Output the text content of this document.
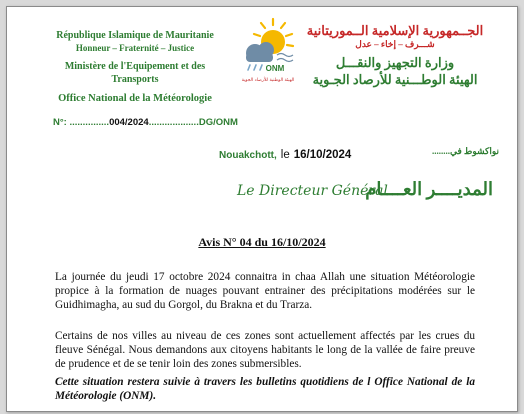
République Islamique de Mauritanie
Honneur – Fraternité – Justice
Ministère de l'Equipement et des Transports
Office National de la Météorologie
ONM
الهيئة الوطنية للأرصاد الجوية
الجــمهورية الإسلامية الــموريتانية
شـــرف – إخاء – عدل
وزارة التجهيز والنقـــل
الهيئة الوطـــنية للأرصاد الجـوية
N°: ...............004/2024...................DG/ONM
Nouakchott, le 16/10/2024	نواكشوط في........
Le Directeur Général
المديــــر العــــام
Avis N° 04 du 16/10/2024
La journée du jeudi 17 octobre 2024 connaitra in chaa Allah une situation Météorologie propice à la formation de nuages pouvant entrainer des précipitations modérées sur le Guidhimagha, au sud du Gorgol, du Brakna et du Trarza.
Certains de nos villes au niveau de ces zones sont actuellement affectés par les crues du fleuve Sénégal. Nous demandons aux citoyens habitants le long de la vallée de faire preuve de prudence et de se tenir loin des zones submersibles.
Cette situation restera suivie à travers les bulletins quotidiens de l Office National de la Météorologie (ONM).
